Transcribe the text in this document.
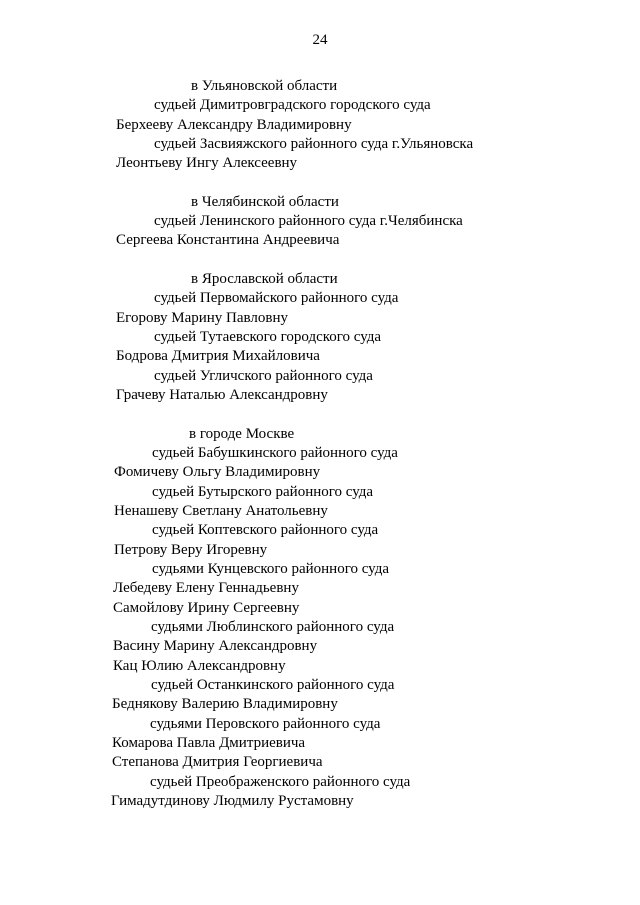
24
в Ульяновской области
судьей Димитровградского городского суда
Берхееву Александру Владимировну
судьей Засвияжского районного суда г.Ульяновска
Леонтьеву Ингу Алексеевну
в Челябинской области
судьей Ленинского районного суда г.Челябинска
Сергеева Константина Андреевича
в Ярославской области
судьей Первомайского районного суда
Егорову Марину Павловну
судьей Тутаевского городского суда
Бодрова Дмитрия Михайловича
судьей Угличского районного суда
Грачеву Наталью Александровну
в городе Москве
судьей Бабушкинского районного суда
Фомичеву Ольгу Владимировну
судьей Бутырского районного суда
Ненашеву Светлану Анатольевну
судьей Коптевского районного суда
Петрову Веру Игоревну
судьями Кунцевского районного суда
Лебедеву Елену Геннадьевну
Самойлову Ирину Сергеевну
судьями Люблинского районного суда
Васину Марину Александровну
Кац Юлию Александровну
судьей Останкинского районного суда
Беднякову Валерию Владимировну
судьями Перовского районного суда
Комарова Павла Дмитриевича
Степанова Дмитрия Георгиевича
судьей Преображенского районного суда
Гимадутдинову Людмилу Рустамовну
